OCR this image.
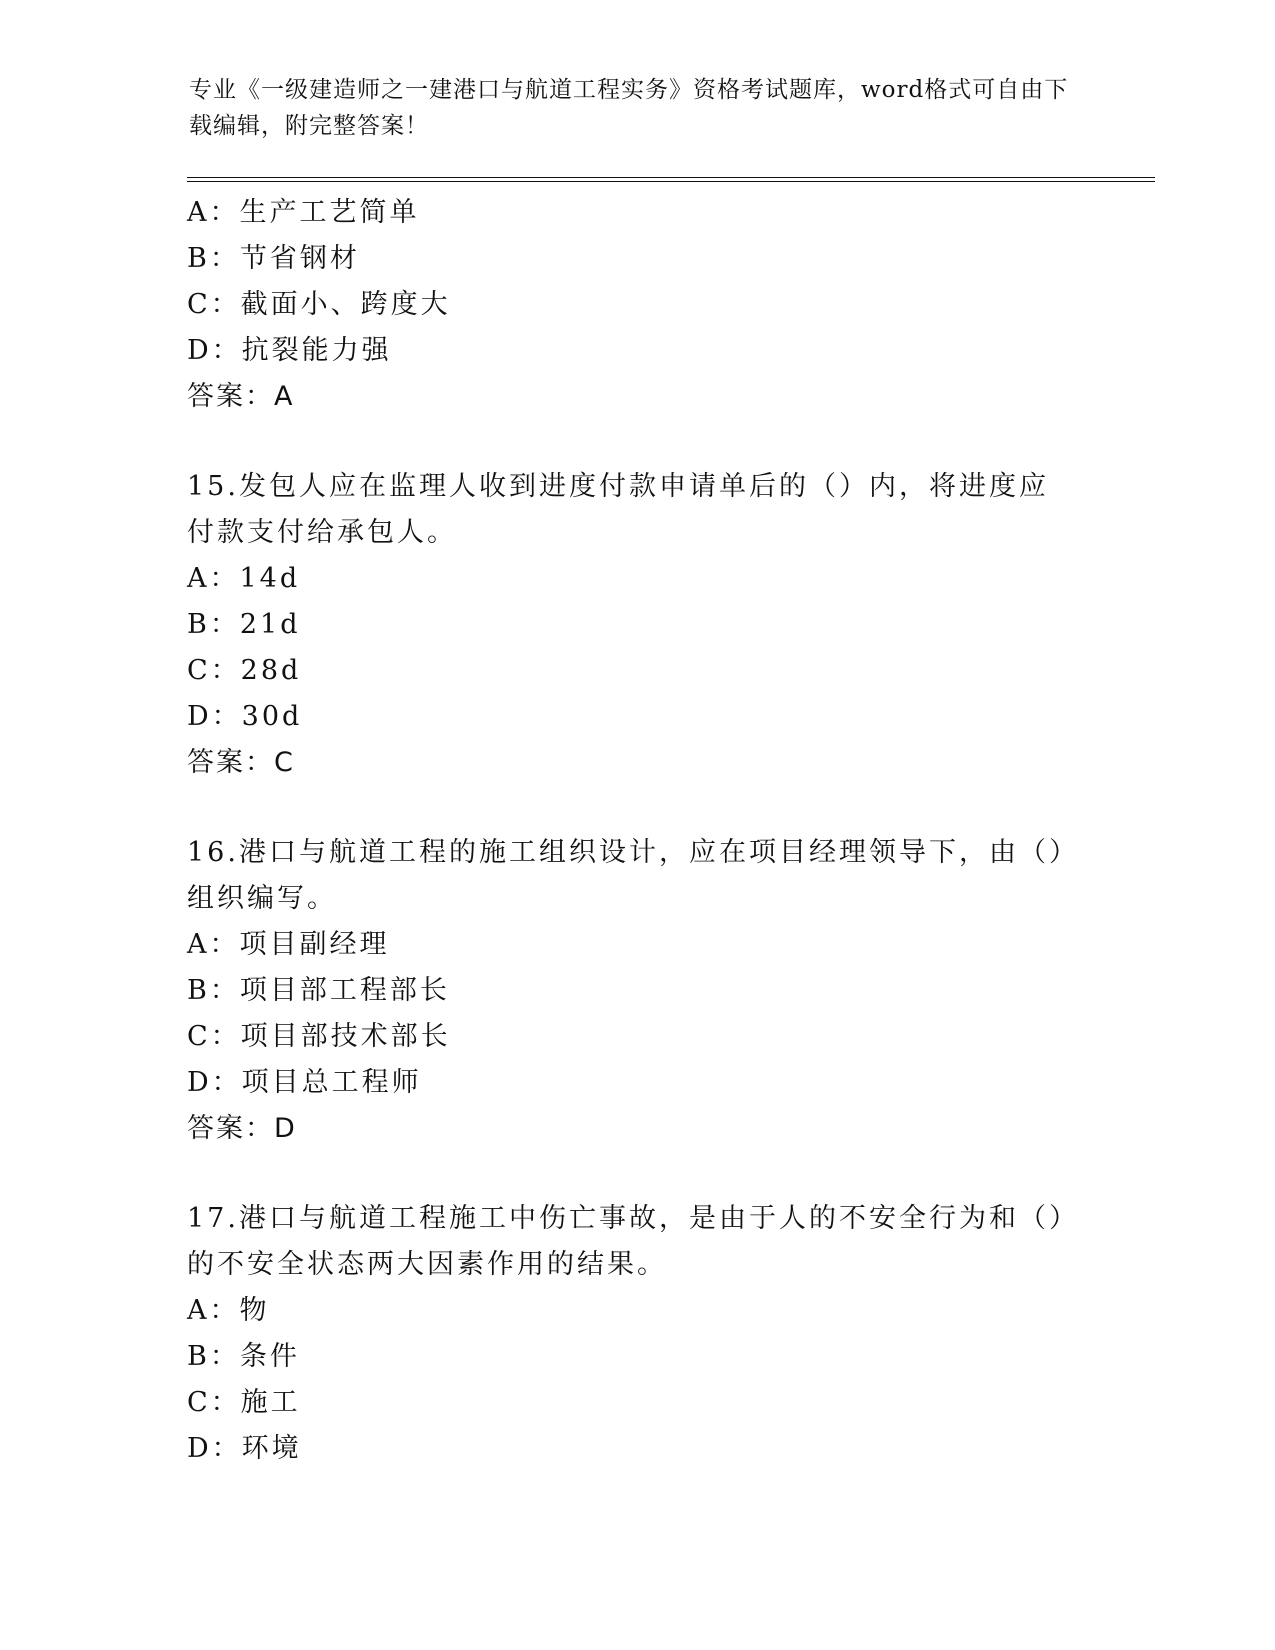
专业《一级建造师之一建港口与航道工程实务》资格考试题库，word格式可自由下载编辑，附完整答案！
A：生产工艺简单
B：节省钢材
C：截面小、跨度大
D：抗裂能力强
答案：A
15.发包人应在监理人收到进度付款申请单后的（）内，将进度应付款支付给承包人。
A：14d
B：21d
C：28d
D：30d
答案：C
16.港口与航道工程的施工组织设计，应在项目经理领导下，由（）组织编写。
A：项目副经理
B：项目部工程部长
C：项目部技术部长
D：项目总工程师
答案：D
17.港口与航道工程施工中伤亡事故，是由于人的不安全行为和（）的不安全状态两大因素作用的结果。
A：物
B：条件
C：施工
D：环境
